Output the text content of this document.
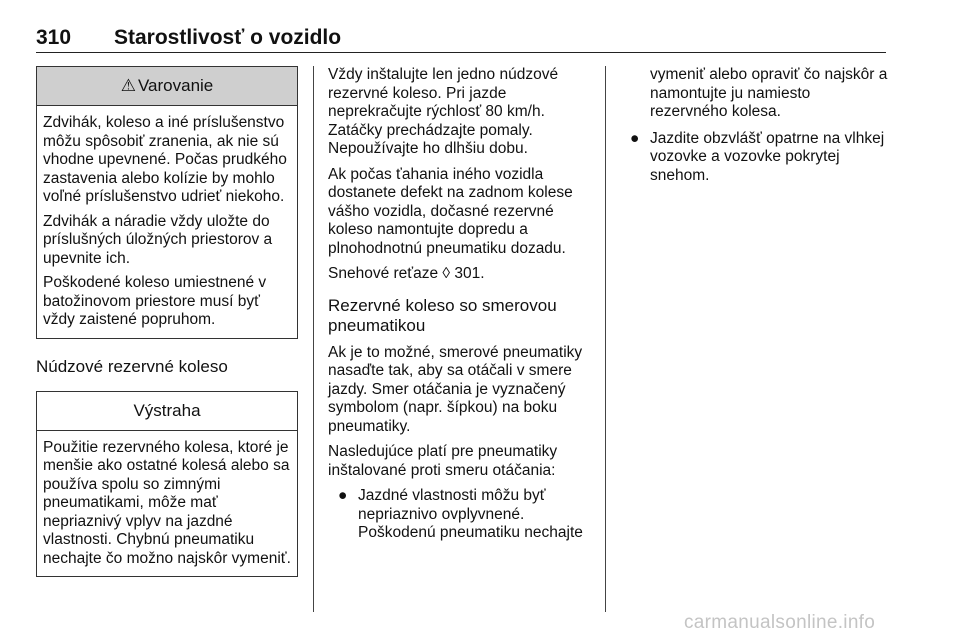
310 Starostlivosť o vozidlo
⚠ Varovanie

Zdvihák, koleso a iné príslušenstvo môžu spôsobiť zranenia, ak nie sú vhodne upevnené. Počas prudkého zastavenia alebo kolízie by mohlo voľné príslušenstvo udrieť niekoho.

Zdvihák a náradie vždy uložte do príslušných úložných priestorov a upevnite ich.

Poškodené koleso umiestnené v batožinovom priestore musí byť vždy zaistené popruhom.

Núdzové rezervné koleso
Výstraha

Použitie rezervného kolesa, ktoré je menšie ako ostatné kolesá alebo sa používa spolu so zimnými pneumatikami, môže mať nepriaznivý vplyv na jazdné vlastnosti. Chybnú pneumatiku nechajte čo možno najskôr vymeniť.

Vždy inštalujte len jedno núdzové rezervné koleso. Pri jazde neprekračujte rýchlosť 80 km/h. Zatáčky prechádzajte pomaly. Nepoužívajte ho dlhšiu dobu.

Ak počas ťahania iného vozidla dostanete defekt na zadnom kolese vášho vozidla, dočasné rezervné koleso namontujte dopredu a plnohodnotnú pneumatiku dozadu.

Snehové reťaze ◊ 301.

Rezervné koleso so smerovou pneumatikou

Ak je to možné, smerové pneumatiky nasaďte tak, aby sa otáčali v smere jazdy. Smer otáčania je vyznačený symbolom (napr. šípkou) na boku pneumatiky.

Nasledujúce platí pre pneumatiky inštalované proti smeru otáčania:

● Jazdné vlastnosti môžu byť nepriaznivo ovplyvnené. Poškodenú pneumatiku nechajte
vymeniť alebo opraviť čo najskôr a namontujte ju namiesto rezervného kolesa.
● Jazdite obzvlášť opatrne na vlhkej vozovke a vozovke pokrytej snehom.
carmanualsonline.info
